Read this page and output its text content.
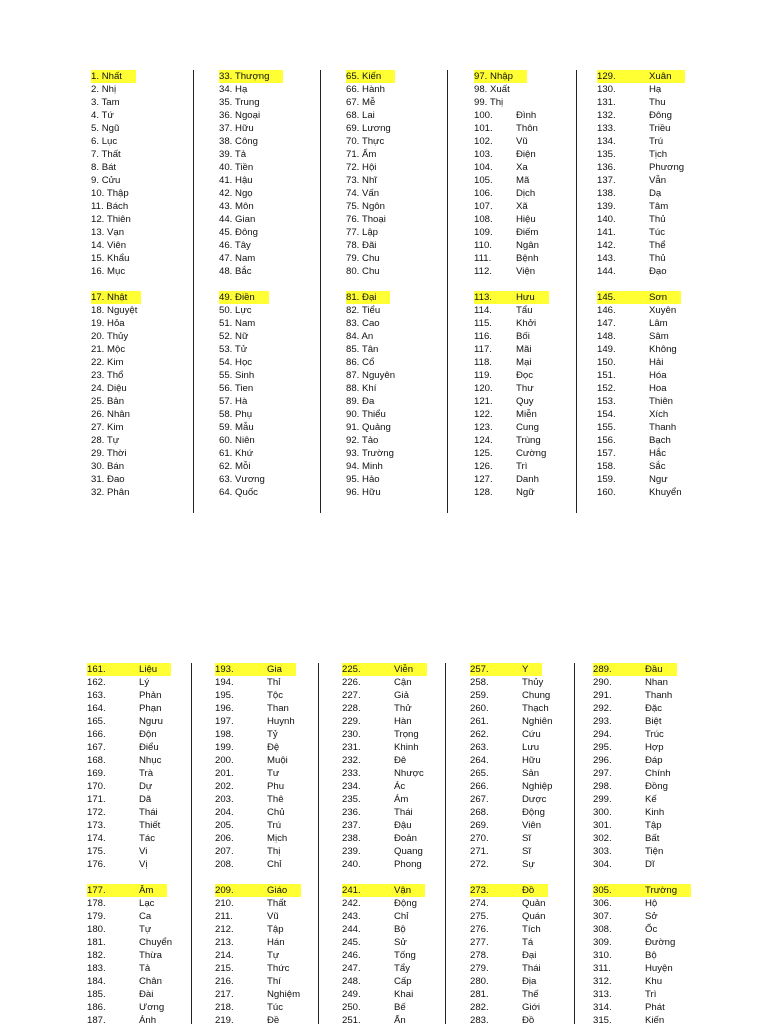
1. Nhất
2. Nhị
3. Tam
4. Tứ
5. Ngũ
6. Lục
7. Thất
8. Bát
9. Cửu
10. Thập
11. Bách
12. Thiên
13. Vạn
14. Viên
15. Khẩu
16. Mục
17. Nhật
18. Nguyệt
19. Hỏa
20. Thủy
21. Mộc
22. Kim
23. Thổ
24. Diệu
25. Bản
26. Nhân
27. Kim
28. Tự
29. Thời
30. Bán
31. Đao
32. Phân
33. Thượng
34. Hạ
35. Trung
36. Ngoại
37. Hữu
38. Công
39. Tả
40. Tiền
41. Hậu
42. Ngọ
43. Môn
44. Gian
45. Đông
46. Tây
47. Nam
48. Bắc
49. Điền
50. Lực
51. Nam
52. Nữ
53. Tử
54. Học
55. Sinh
56. Tien
57. Hà
58. Phụ
59. Mẫu
60. Niên
61. Khứ
62. Mỗi
63. Vương
64. Quốc
65. Kiến
66. Hành
67. Mễ
68. Lai
69. Lương
70. Thực
71. Ẩm
72. Hội
73. Nhĩ
74. Vấn
75. Ngôn
76. Thoại
77. Lập
78. Đãi
79. Chu
80. Chu
81. Đại
82. Tiểu
83. Cao
84. An
85. Tân
86. Cổ
87. Nguyên
88. Khí
89. Đa
90. Thiểu
91. Quảng
92. Tảo
93. Trường
94. Minh
95. Hảo
96. Hữu
97. Nhập
98. Xuất
99. Thị
100. Đình
101. Thôn
102. Vũ
103. Điện
104. Xa
105. Mã
106. Dịch
107. Xã
108. Hiệu
109. Điếm
110.	Ngân
111.	Bệnh
112.	Viện
113.	Hưu
114.	Tẩu
115.	Khởi
116.	Bối
117.	Mãi
118.	Mại
119.	Đọc
120. Thư
121. Quy
122. Miễn
123. Cung
124. Trùng
125. Cường
126. Trì
127. Danh
128. Ngữ
129.	Xuân
130.	Hạ
131.	Thu
132.	Đông
133.	Triều
134.	Trú
135.	Tịch
136.	Phương
137.	Vẫn
138.	Dạ
139.	Tâm
140.	Thủ
141.	Túc
142.	Thể
143.	Thủ
144.	Đạo
145.	Sơn
146.	Xuyên
147.	Lâm
148.	Sâm
149.	Không
150.	Hải
151.	Hóa
152.	Hoa
153.	Thiên
154.	Xích
155.	Thanh
156.	Bạch
157.	Hắc
158.	Sắc
159.	Ngư
160.	Khuyển
161.	Liệu
162.	Lý
163.	Phản
164.	Phạn
165.	Ngưu
166.	Độn
167.	Điểu
168.	Nhục
169.	Trà
170.	Dự
171.	Dã
172.	Thái
173.	Thiết
174.	Tác
175.	Vi
176.	Vị
177.	Âm
178.	Lạc
179.	Ca
180.	Tự
181.	Chuyển
182.	Thừa
183.	Tả
184.	Chân
185.	Đài
186.	Ương
187.	Ánh
193.	Gia
194.	Thỉ
195.	Tộc
196.	Than
197.	Huynh
198.	Tỷ
199.	Đệ
200.	Muội
201.	Tư
202.	Phu
203.	Thê
204.	Chủ
205.	Trú
206.	Mịch
207.	Thị
208.	Chỉ
209.	Giáo
210.	Thất
211.	Vũ
212.	Tập
213.	Hán
214.	Tự
215.	Thức
216.	Thí
217.	Nghiệm
218.	Túc
219.	Đề
225.	Viễn
226.	Cận
227.	Giả
228.	Thử
229.	Hàn
230.	Trọng
231.	Khinh
232.	Đê
233.	Nhược
234.	Ác
235.	Ám
236.	Thái
237.	Đậu
238.	Đoản
239.	Quang
240.	Phong
241.	Vận
242.	Động
243.	Chỉ
244.	Bộ
245.	Sử
246.	Tống
247.	Tẩy
248.	Cấp
249.	Khai
250.	Bế
251.	Ấn
257.	Y
258.	Thủy
259.	Chung
260.	Thạch
261.	Nghiên
262.	Cứu
263.	Lưu
264.	Hữu
265.	Sản
266.	Nghiệp
267.	Dược
268.	Động
269.	Viên
270.	Sĩ
271.	Sĩ
272.	Sự
273.	Đồ
274.	Quản
275.	Quán
276.	Tích
277.	Tá
278.	Đại
279.	Thái
280.	Địa
281.	Thế
282.	Giới
283.	Đồ
289.	Đầu
290.	Nhan
291.	Thanh
292.	Đặc
293.	Biệt
294.	Trúc
295.	Hợp
296.	Đáp
297.	Chính
298.	Đồng
299.	Kế
300.	Kinh
301.	Tập
302.	Bất
303.	Tiện
304.	Dĩ
305.	Trường
306.	Hộ
307.	Sở
308.	Ốc
309.	Đường
310.	Bộ
311.	Huyện
312.	Khu
313.	Trì
314.	Phát
315.	Kiến
